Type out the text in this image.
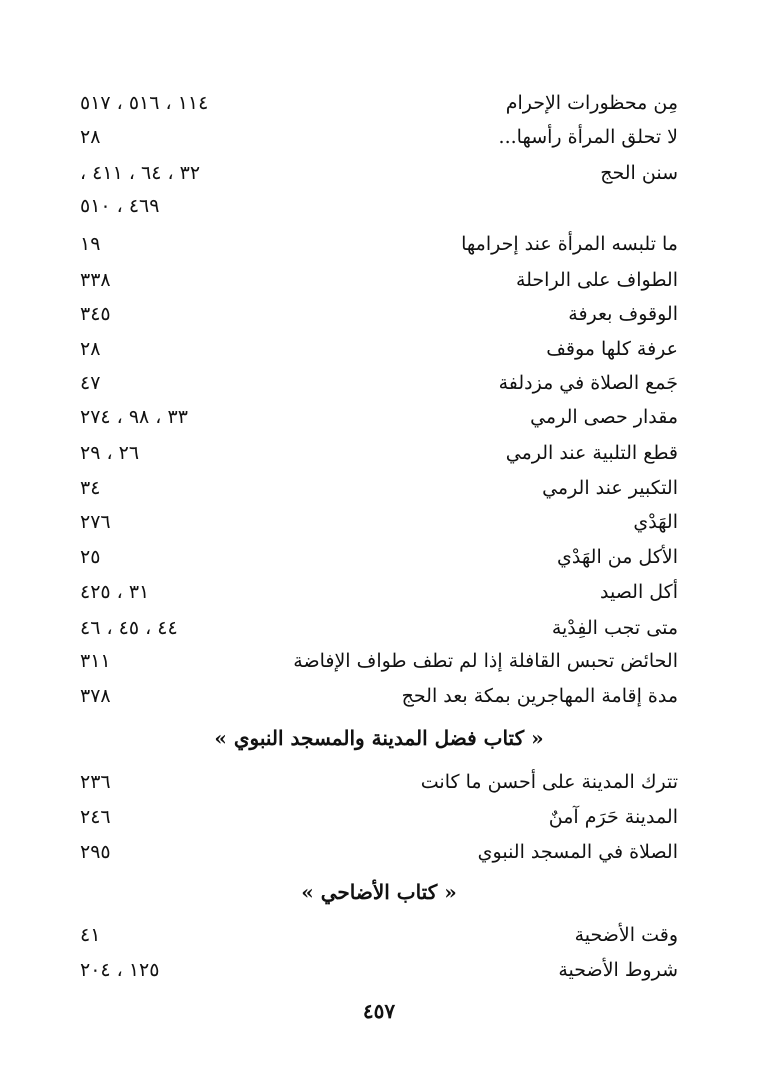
مِن محظورات الإحرام
١١٤ ، ٥١٦ ، ٥١٧
لا تحلق المرأة رأسها...
٢٨
سنن الحج
٣٢ ، ٦٤ ، ٤١١ ،
٤٦٩ ، ٥١٠
ما تلبسه المرأة عند إحرامها
١٩
الطواف على الراحلة
٣٣٨
الوقوف بعرفة
٣٤٥
عرفة كلها موقف
٢٨
جَمع الصلاة في مزدلفة
٤٧
مقدار حصى الرمي
٣٣ ، ٩٨ ، ٢٧٤
قطع التلبية عند الرمي
٢٦ ، ٢٩
التكبير عند الرمي
٣٤
الهَدْي
٢٧٦
الأكل من الهَدْي
٢٥
أكل الصيد
٣١ ، ٤٢٥
متى تجب الفِدْية
٤٤ ، ٤٥ ، ٤٦
الحائض تحبس القافلة إذا لم تطف طواف الإفاضة
٣١١
مدة إقامة المهاجرين بمكة بعد الحج
٣٧٨
« كتاب فضل المدينة والمسجد النبوي »
تترك المدينة على أحسن ما كانت
٢٣٦
المدينة حَرَم آمنٌ
٢٤٦
الصلاة في المسجد النبوي
٢٩٥
« كتاب الأضاحي »
وقت الأضحية
٤١
شروط الأضحية
١٢٥ ، ٢٠٤
٤٥٧
